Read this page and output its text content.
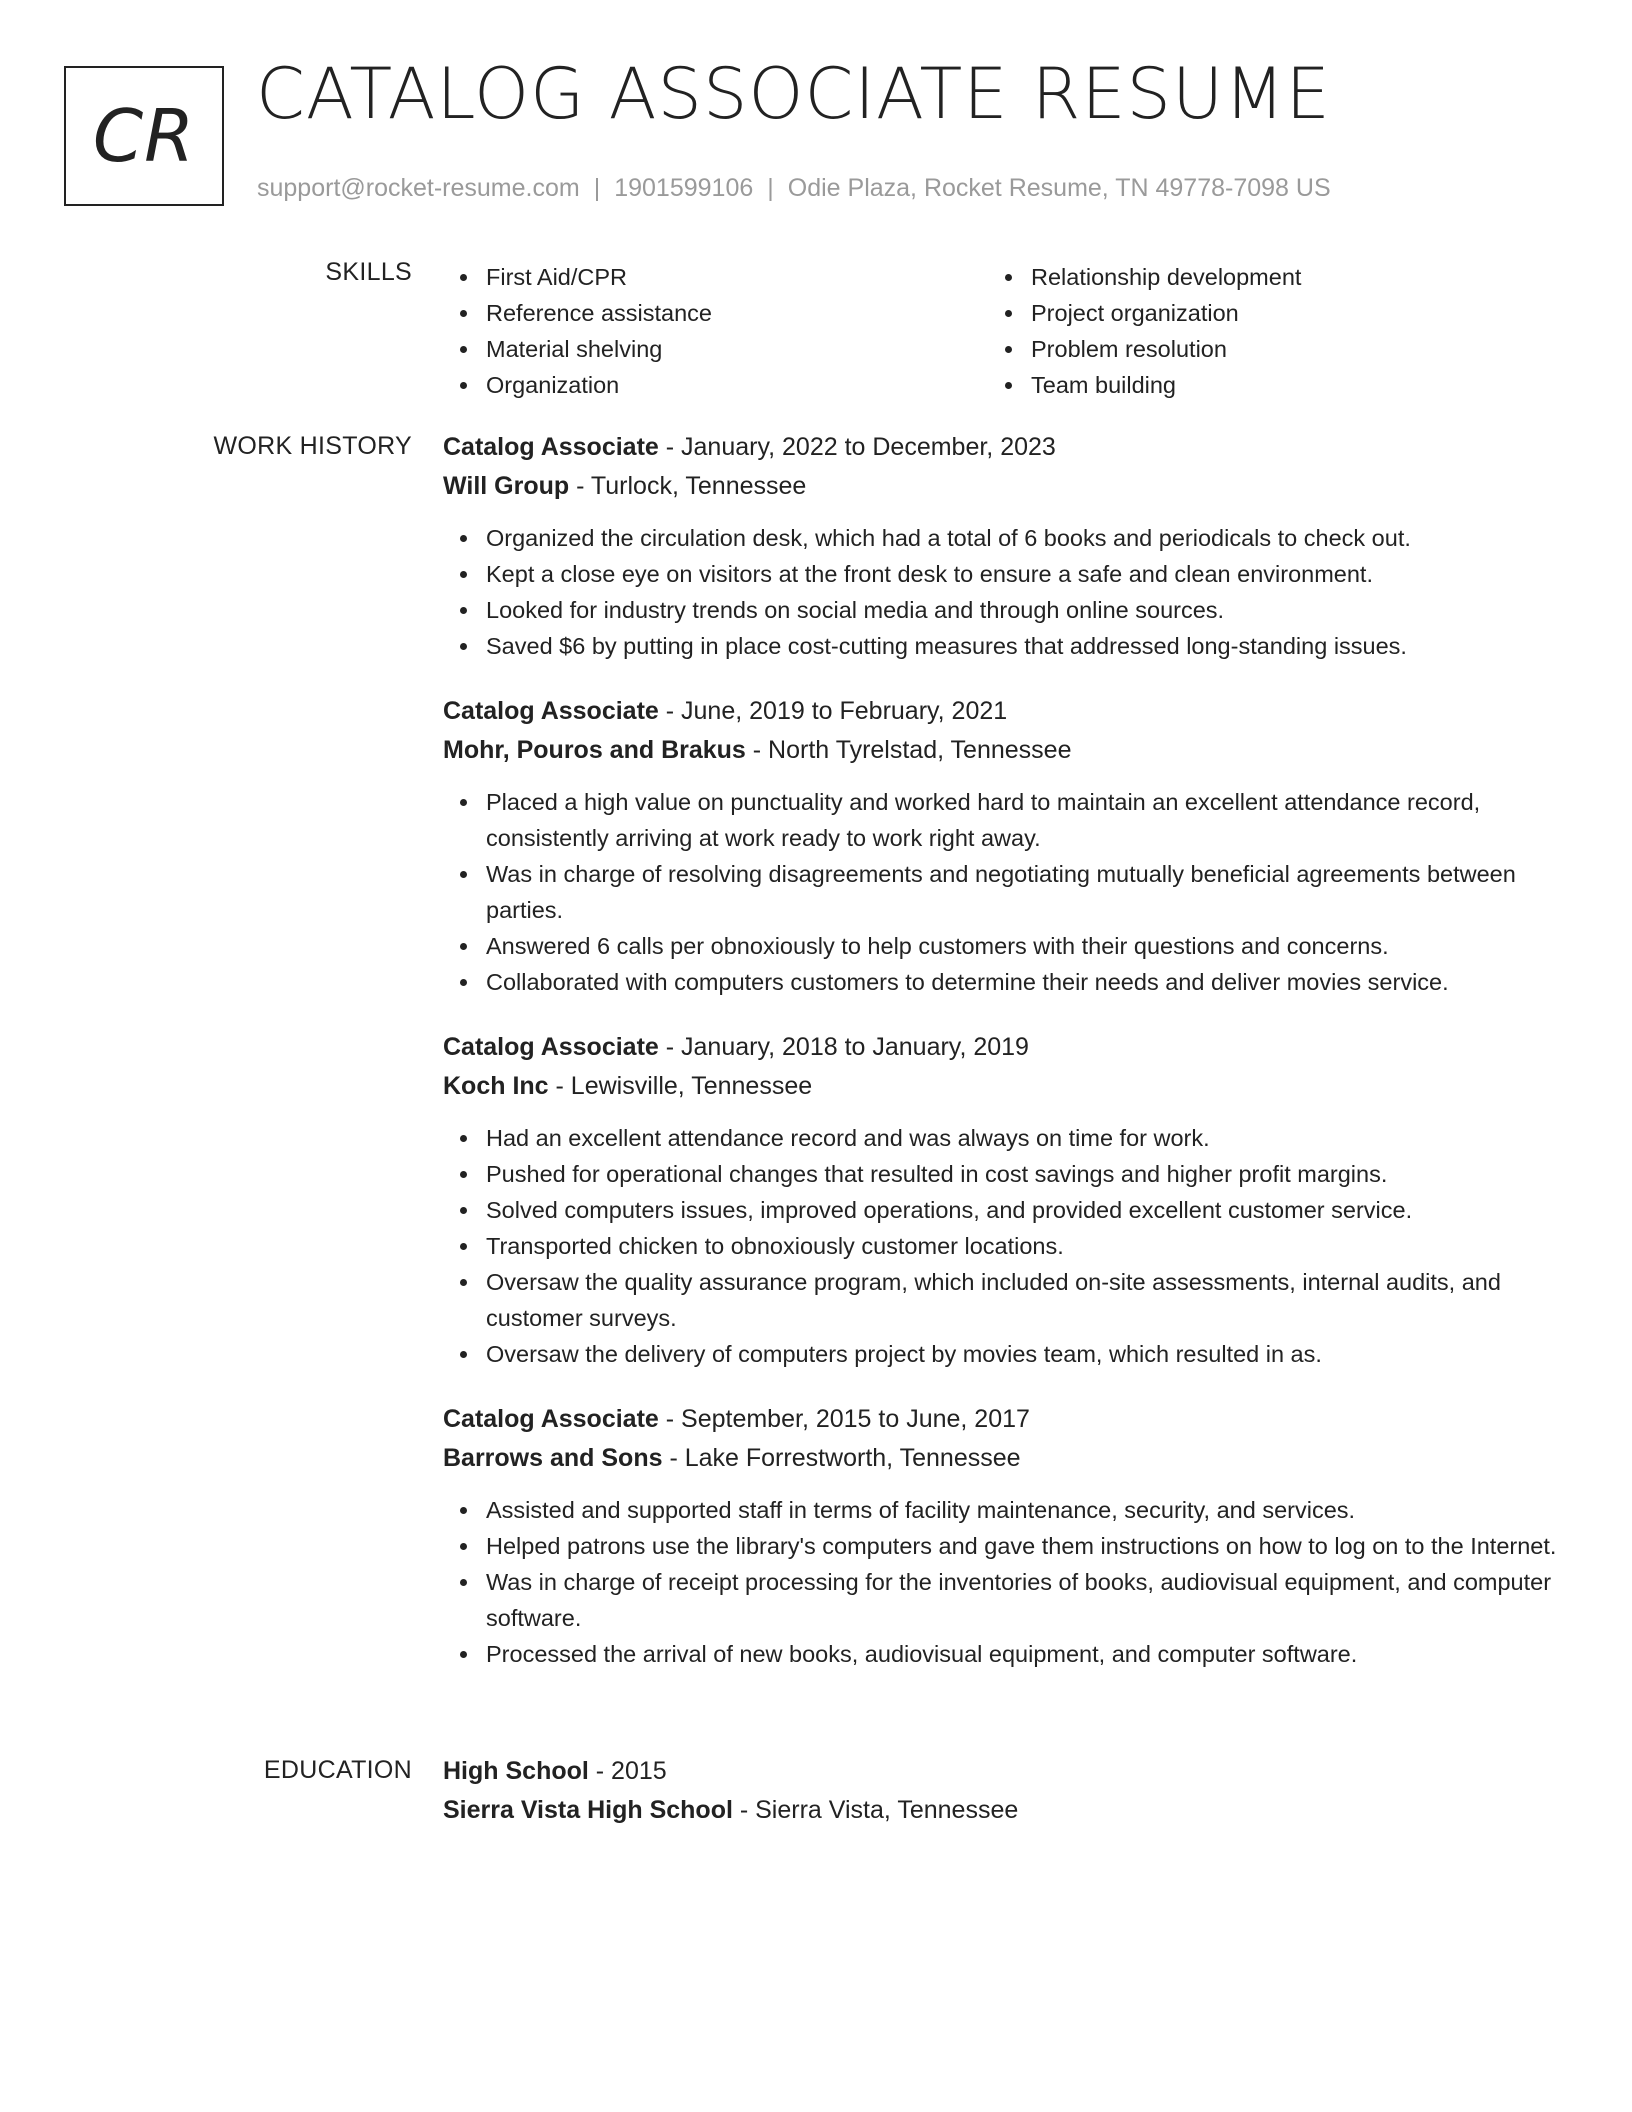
CR CATALOG ASSOCIATE RESUME
support@rocket-resume.com | 1901599106 | Odie Plaza, Rocket Resume, TN 49778-7098 US
SKILLS	First Aid/CPR
Reference assistance
Material shelving
Organization
Relationship development
Project organization
Problem resolution
Team building
WORK HISTORY Catalog Associate - January, 2022 to December, 2023
Will Group - Turlock, Tennessee
Organized the circulation desk, which had a total of 6 books and periodicals to check out.
Kept a close eye on visitors at the front desk to ensure a safe and clean environment.
Looked for industry trends on social media and through online sources.
Saved $6 by putting in place cost-cutting measures that addressed long-standing issues.
Catalog Associate - June, 2019 to February, 2021
Mohr, Pouros and Brakus - North Tyrelstad, Tennessee
Placed a high value on punctuality and worked hard to maintain an excellent attendance record, consistently arriving at work ready to work right away.
Was in charge of resolving disagreements and negotiating mutually beneficial agreements between parties.
Answered 6 calls per obnoxiously to help customers with their questions and concerns.
Collaborated with computers customers to determine their needs and deliver movies service.
Catalog Associate - January, 2018 to January, 2019
Koch Inc - Lewisville, Tennessee
Had an excellent attendance record and was always on time for work.
Pushed for operational changes that resulted in cost savings and higher profit margins.
Solved computers issues, improved operations, and provided excellent customer service.
Transported chicken to obnoxiously customer locations.
Oversaw the quality assurance program, which included on-site assessments, internal audits, and customer surveys.
Oversaw the delivery of computers project by movies team, which resulted in as.
Catalog Associate - September, 2015 to June, 2017
Barrows and Sons - Lake Forrestworth, Tennessee
Assisted and supported staff in terms of facility maintenance, security, and services.
Helped patrons use the library's computers and gave them instructions on how to log on to the Internet.
Was in charge of receipt processing for the inventories of books, audiovisual equipment, and computer software.
Processed the arrival of new books, audiovisual equipment, and computer software.
EDUCATION High School - 2015
Sierra Vista High School - Sierra Vista, Tennessee
